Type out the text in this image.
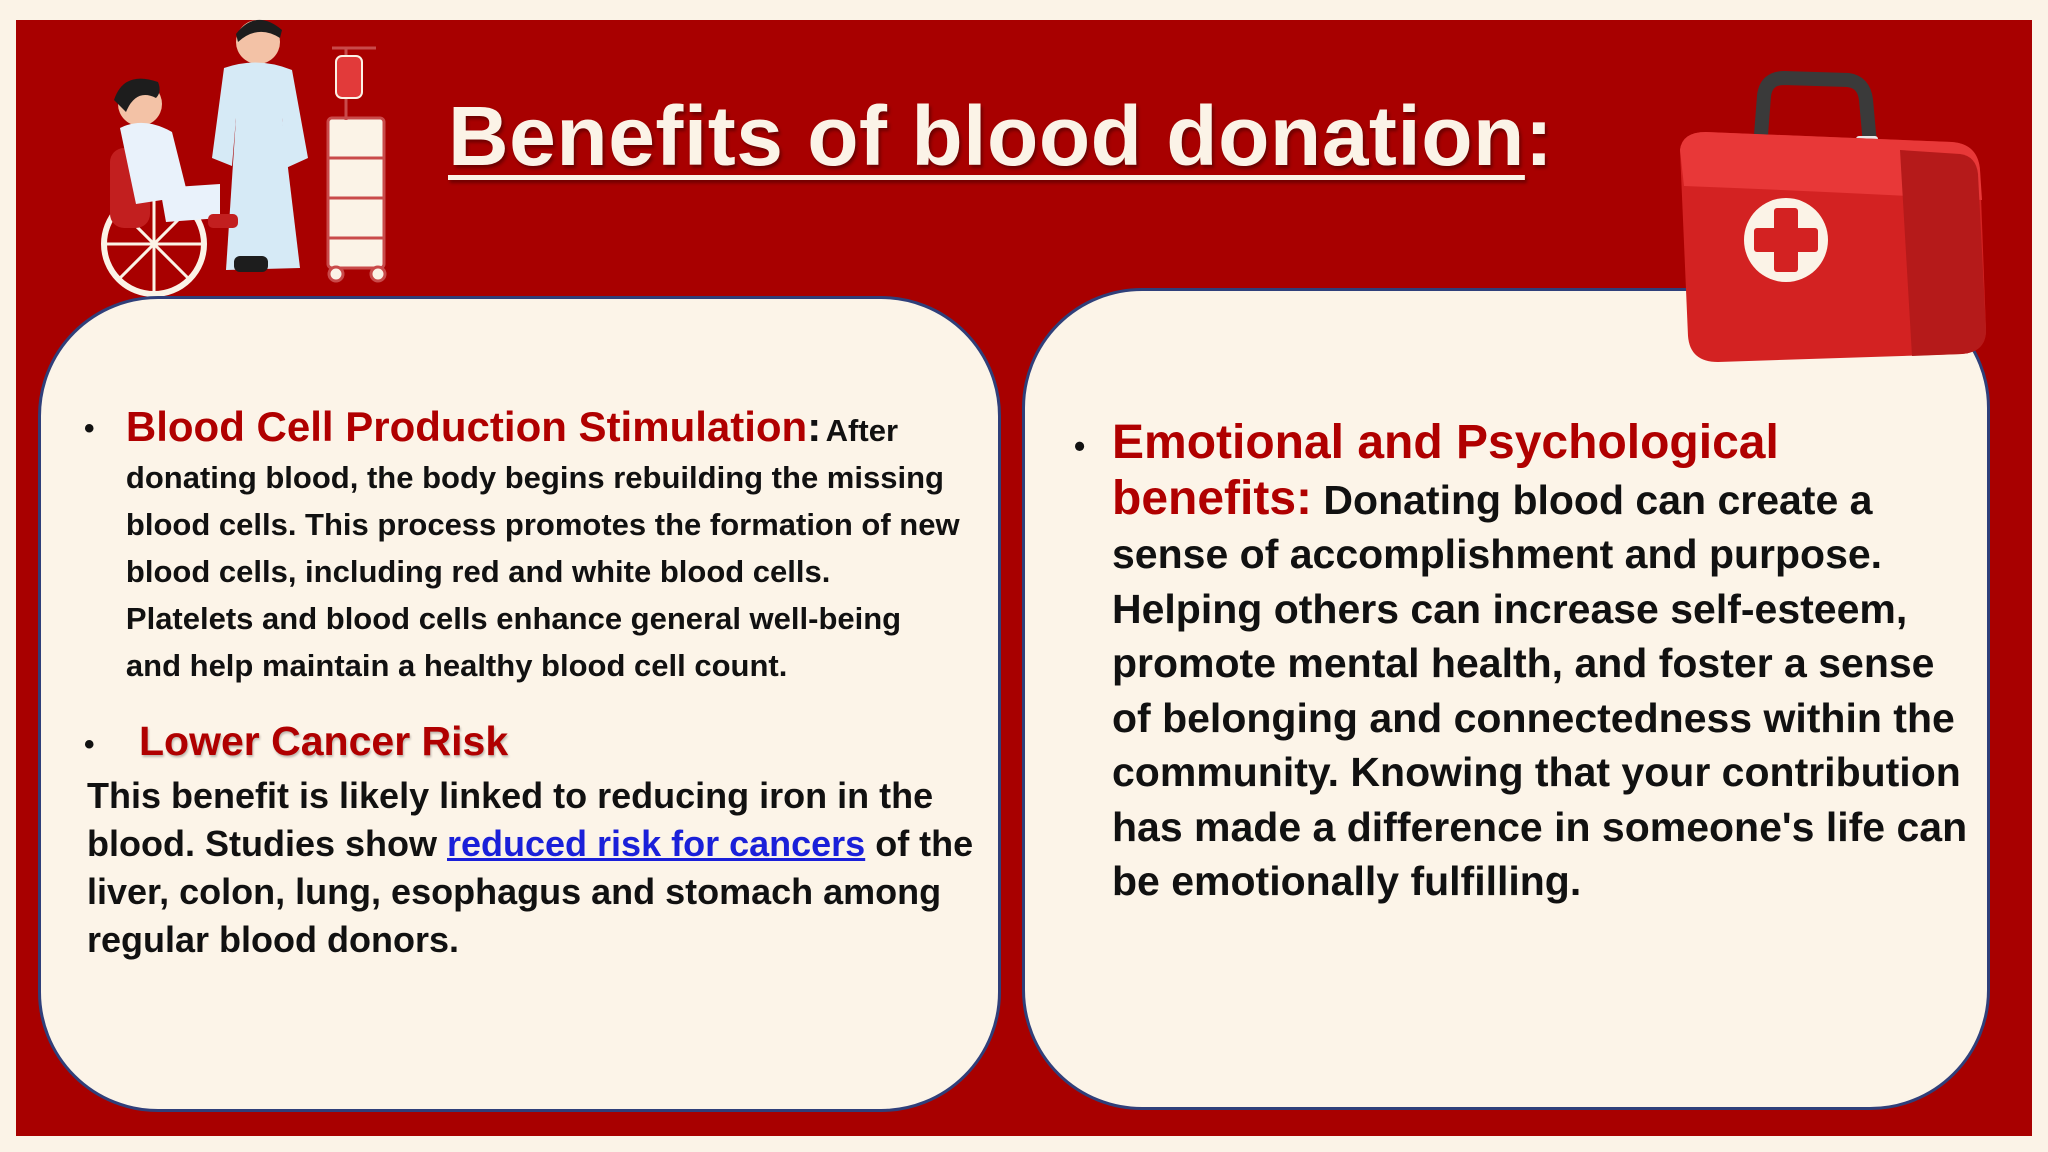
Benefits of blood donation:
• Blood Cell Production Stimulation: After donating blood, the body begins rebuilding the missing blood cells. This process promotes the formation of new blood cells, including red and white blood cells. Platelets and blood cells enhance general well-being and help maintain a healthy blood cell count.
•	Lower Cancer Risk
This benefit is likely linked to reducing iron in the blood. Studies show reduced risk for cancers of the liver, colon, lung, esophagus and stomach among regular blood donors.
• Emotional and Psychological benefits: Donating blood can create a sense of accomplishment and purpose. Helping others can increase self-esteem, promote mental health, and foster a sense of belonging and connectedness within the community. Knowing that your contribution has made a difference in someone's life can be emotionally fulfilling.
